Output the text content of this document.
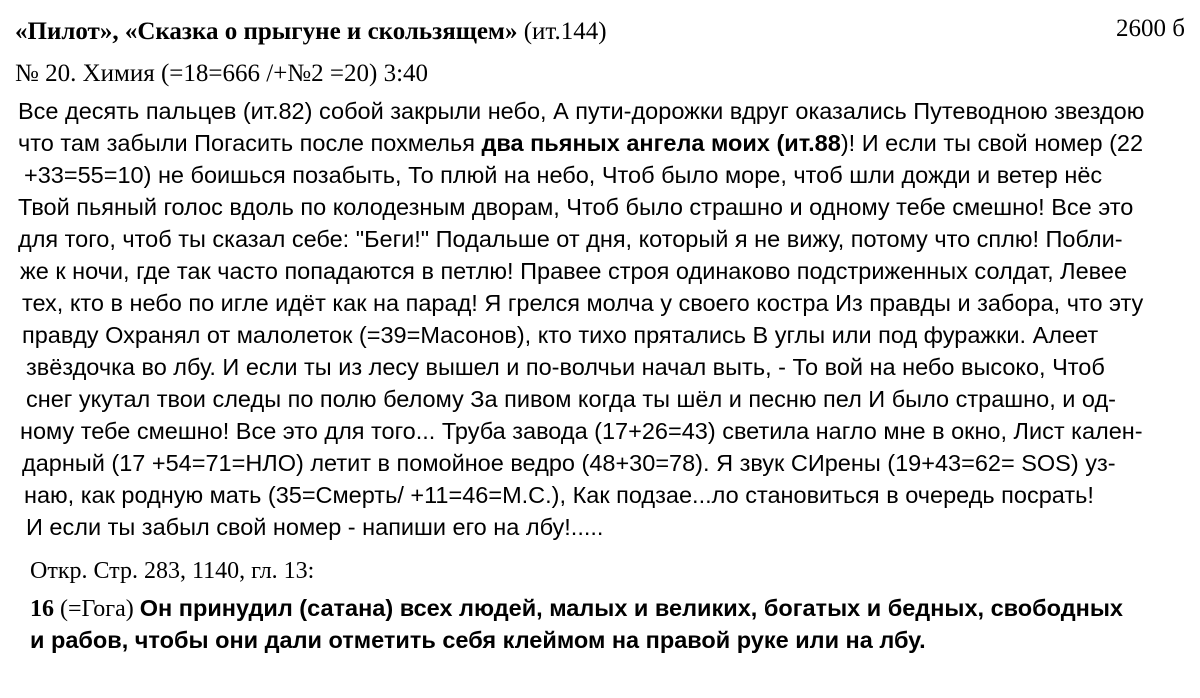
2600 б
«Пилот», «Сказка о прыгуне и скользящем» (ит.144)
№ 20. Химия (=18=666 /+№2 =20) 3:40
Все десять пальцев (ит.82) собой закрыли небо, А пути-дорожки вдруг оказались Путеводною звездою
что там забыли Погасить после похмелья два пьяных ангела моих (ит.88)! И если ты свой номер (22
+33=55=10) не боишься позабыть, То плюй на небо, Чтоб было море, чтоб шли дожди и ветер нёс
Твой пьяный голос вдоль по колодезным дворам, Чтоб было страшно и одному тебе смешно! Все это
для того, чтоб ты сказал себе: "Беги!" Подальше от дня, который я не вижу, потому что сплю! Побли-
же к ночи, где так часто попадаются в петлю! Правее строя одинаково подстриженных солдат, Левее
тех, кто в небо по игле идёт как на парад! Я грелся молча у своего костра Из правды и забора, что эту
правду Охранял от малолеток (=39=Масонов), кто тихо прятались В углы или под фуражки. Алеет
звёздочка во лбу. И если ты из лесу вышел и по-волчьи начал выть, - То вой на небо высоко, Чтоб
снег укутал твои следы по полю белому За пивом когда ты шёл и песню пел И было страшно, и од-
ному тебе смешно! Все это для того... Труба завода (17+26=43) светила нагло мне в окно, Лист кален-
дарный (17 +54=71=НЛО) летит в помойное ведро (48+30=78). Я звук СИрены (19+43=62= SOS) уз-
наю, как родную мать (35=Смерть/ +11=46=М.С.), Как подзае...ло становиться в очередь посрать!
И если ты забыл свой номер - напиши его на лбу!.....
Откр. Стр. 283, 1140, гл. 13:
16 (=Гога) Он принудил (сатана) всех людей, малых и великих, богатых и бедных, свободных
и рабов, чтобы они дали отметить себя клеймом на правой руке или на лбу.
